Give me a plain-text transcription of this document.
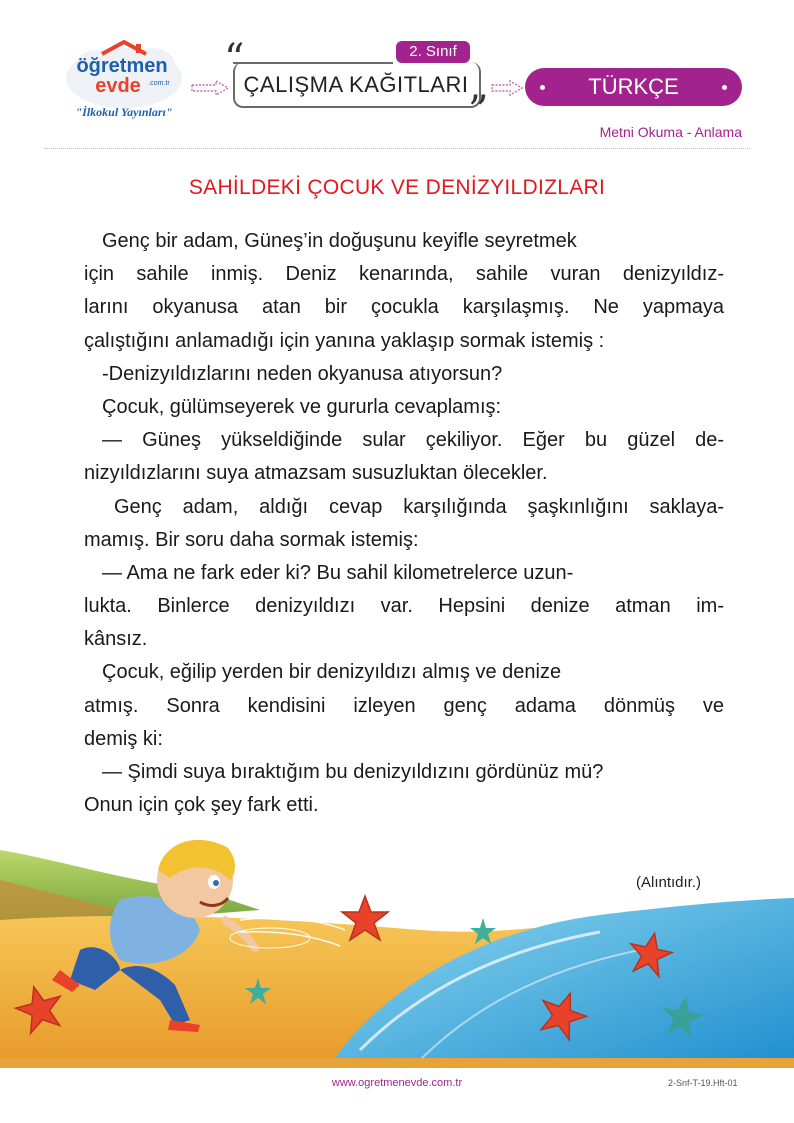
öğretmen
evde .com.tr
"İlkokul Yayınları"
“
”
2. Sınıf
ÇALIŞMA KAĞITLARI	TÜRKÇE
Metni Okuma - Anlama
SAHİLDEKİ ÇOCUK VE DENİZYILDIZLARI
Genç bir adam, Güneş’in doğuşunu keyifle seyretmek
için sahile inmiş. Deniz kenarında, sahile vuran denizyıldız-
larını okyanusa atan bir çocukla karşılaşmış. Ne yapmaya
çalıştığını anlamadığı için yanına yaklaşıp sormak istemiş :
-Denizyıldızlarını neden okyanusa atıyorsun?
Çocuk, gülümseyerek ve gururla cevaplamış:
— Güneş yükseldiğinde sular çekiliyor. Eğer bu güzel de-
nizyıldızlarını suya atmazsam susuzluktan ölecekler.
Genç adam, aldığı cevap karşılığında şaşkınlığını saklaya-
mamış. Bir soru daha sormak istemiş:
— Ama ne fark eder ki? Bu sahil kilometrelerce uzun-
lukta. Binlerce denizyıldızı var. Hepsini denize atman im-
kânsız.
Çocuk, eğilip yerden bir denizyıldızı almış ve denize
atmış. Sonra kendisini izleyen genç adama dönmüş ve
demiş ki:
— Şimdi suya bıraktığım bu denizyıldızını gördünüz mü?
Onun için çok şey fark etti.
(Alıntıdır.)
www.ogretmenevde.com.tr	2-Snf-T-19.Hft-01
